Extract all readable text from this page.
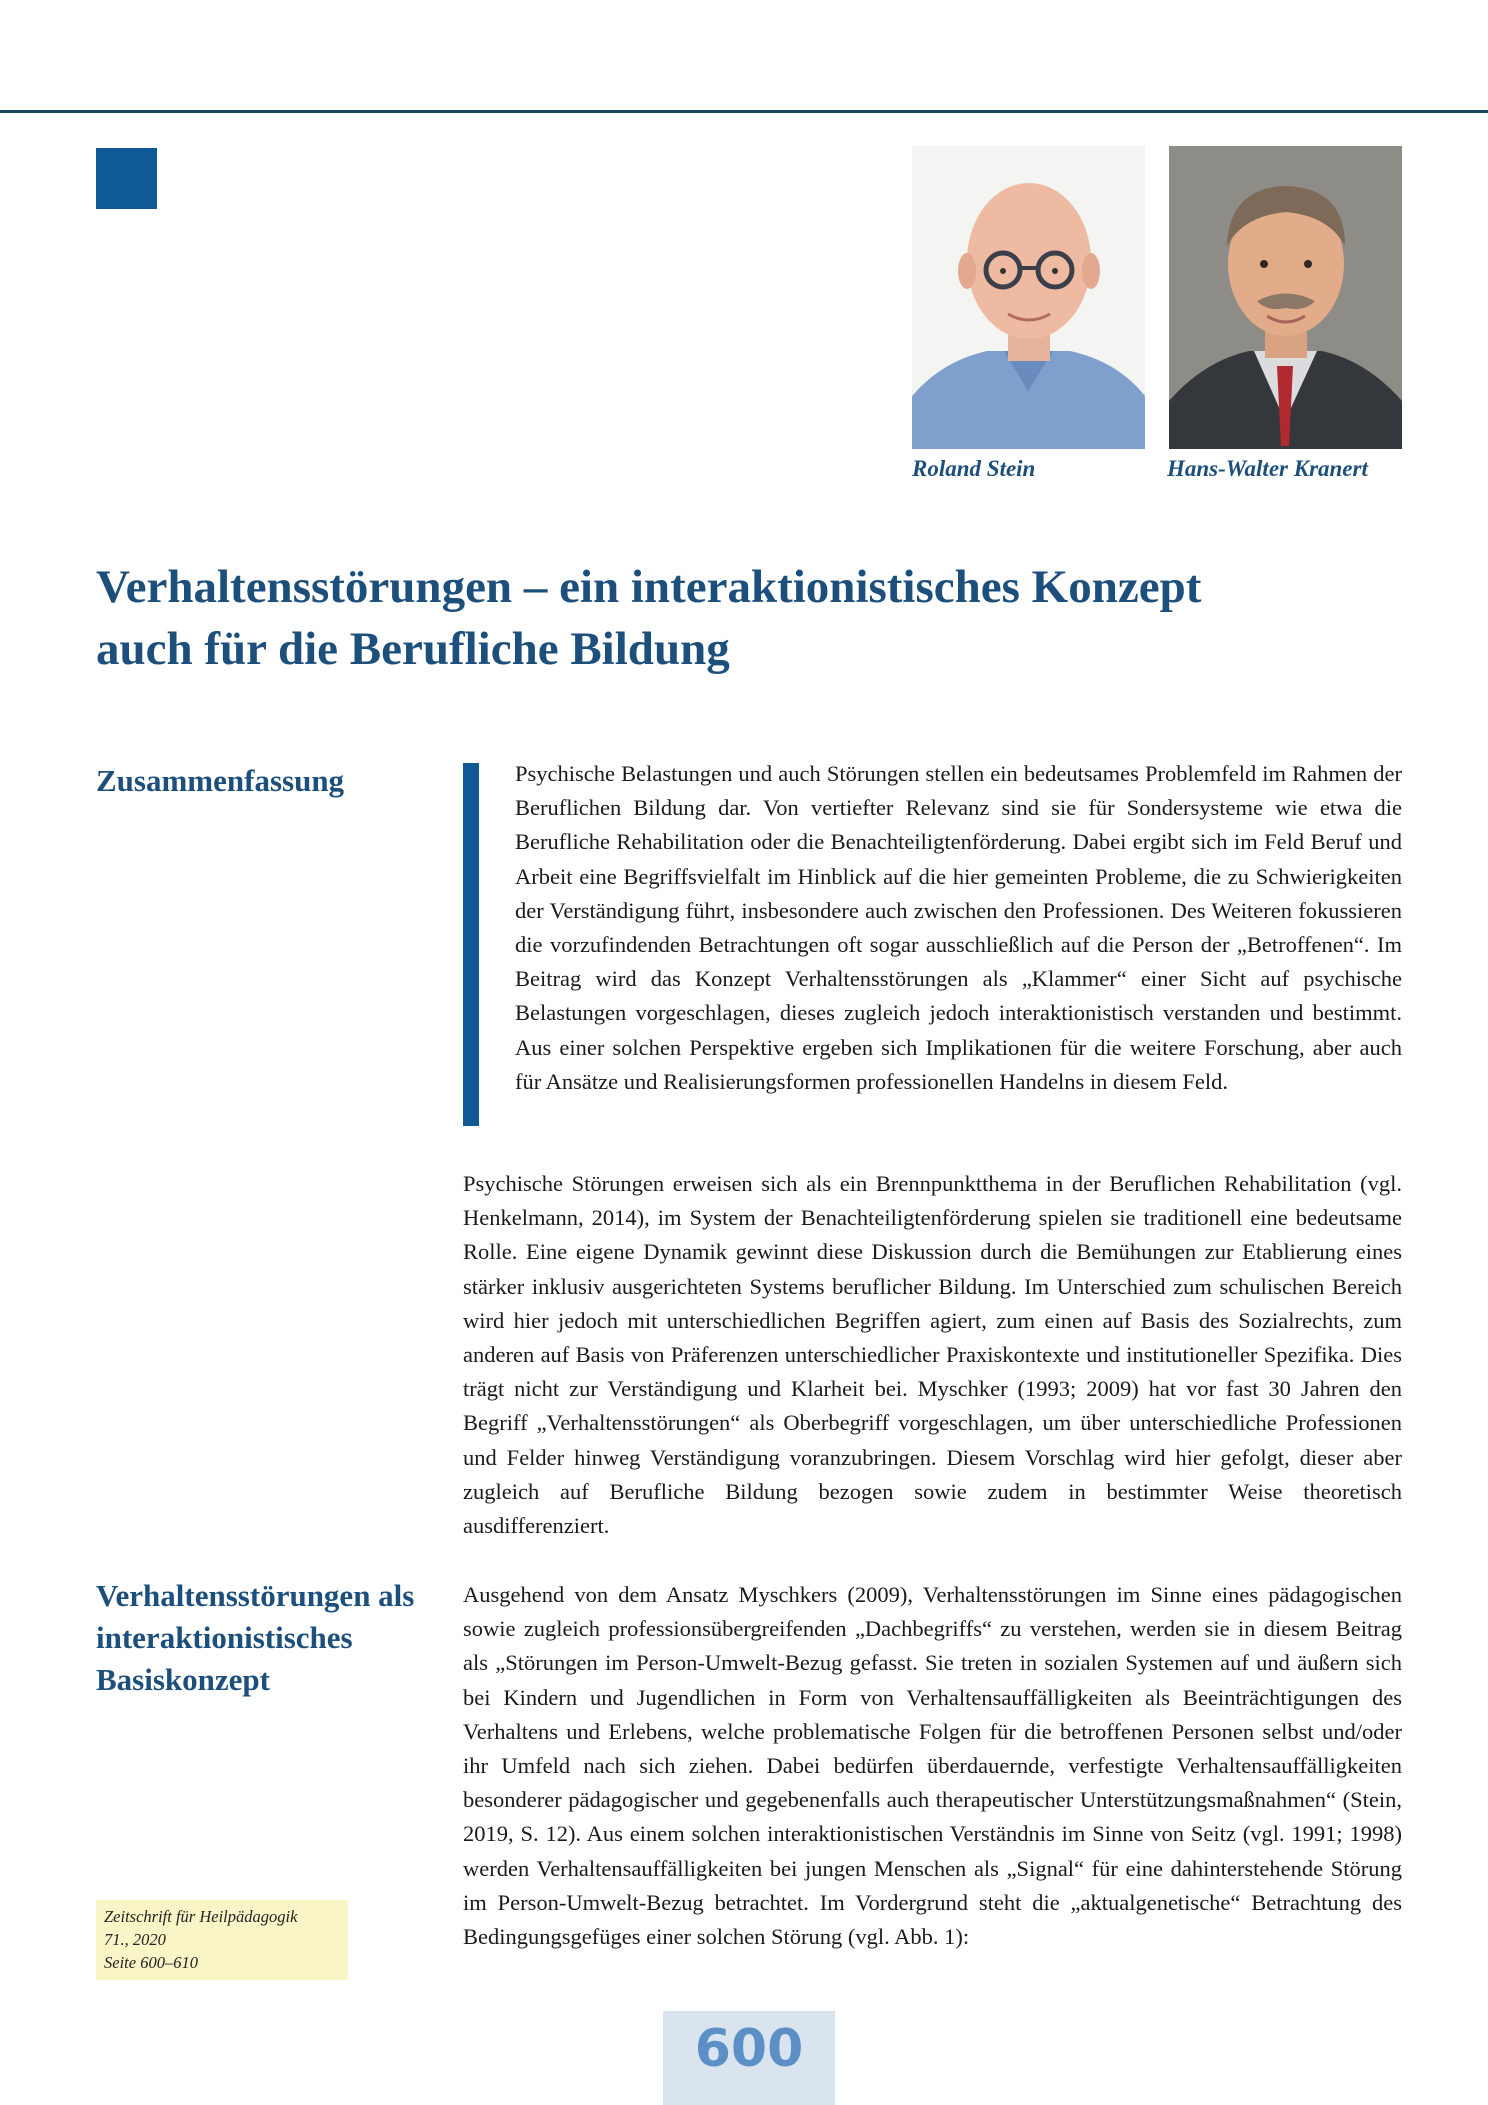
Roland Stein	Hans-Walter Kranert
Verhaltensstörungen – ein interaktionistisches Konzept
auch für die Berufliche Bildung
Zusammenfassung	Psychische Belastungen und auch Störungen stellen ein bedeutsames Problemfeld im Rahmen der Beruflichen Bildung dar. Von vertiefter Relevanz sind sie für Sondersysteme wie etwa die Berufliche Rehabilitation oder die Benachteiligtenförderung. Dabei ergibt sich im Feld Beruf und Arbeit eine Begriffsvielfalt im Hinblick auf die hier gemeinten Probleme, die zu Schwierigkeiten der Verständigung führt, insbesondere auch zwischen den Professionen. Des Weiteren fokussieren die vorzufindenden Betrachtungen oft sogar ausschließlich auf die Person der „Betroffenen“. Im Beitrag wird das Konzept Verhaltensstörungen als „Klammer“ einer Sicht auf psychische Belastungen vorgeschlagen, dieses zugleich jedoch interaktionistisch verstanden und bestimmt. Aus einer solchen Perspektive ergeben sich Implikationen für die weitere Forschung, aber auch für Ansätze und Realisierungsformen professionellen Handelns in diesem Feld.

Psychische Störungen erweisen sich als ein Brennpunktthema in der Beruflichen Rehabilitation (vgl. Henkelmann, 2014), im System der Benachteiligtenförderung spielen sie traditionell eine bedeutsame Rolle. Eine eigene Dynamik gewinnt diese Diskussion durch die Bemühungen zur Etablierung eines stärker inklusiv ausgerichteten Systems beruflicher Bildung. Im Unterschied zum schulischen Bereich wird hier jedoch mit unterschiedlichen Begriffen agiert, zum einen auf Basis des Sozialrechts, zum anderen auf Basis von Präferenzen unterschiedlicher Praxiskontexte und institutioneller Spezifika. Dies trägt nicht zur Verständigung und Klarheit bei. Myschker (1993; 2009) hat vor fast 30 Jahren den Begriff „Verhaltensstörungen“ als Oberbegriff vorgeschlagen, um über unterschiedliche Professionen und Felder hinweg Verständigung voranzubringen. Diesem Vorschlag wird hier gefolgt, dieser aber zugleich auf Berufliche Bildung bezogen sowie zudem in bestimmter Weise theoretisch ausdifferenziert.

Verhaltensstörungen als interaktionistisches Basiskonzept

Ausgehend von dem Ansatz Myschkers (2009), Verhaltensstörungen im Sinne eines pädagogischen sowie zugleich professionsübergreifenden „Dachbegriffs“ zu verstehen, werden sie in diesem Beitrag als „Störungen im Person-Umwelt-Bezug gefasst. Sie treten in sozialen Systemen auf und äußern sich bei Kindern und Jugendlichen in Form von Verhaltensauffälligkeiten als Beeinträchtigungen des Verhaltens und Erlebens, welche problematische Folgen für die betroffenen Personen selbst und/oder ihr Umfeld nach sich ziehen. Dabei bedürfen überdauernde, verfestigte Verhaltensauffälligkeiten besonderer pädagogischer und gegebenenfalls auch therapeutischer Unterstützungsmaßnahmen“ (Stein, 2019, S. 12). Aus einem solchen interaktionistischen Verständnis im Sinne von Seitz (vgl. 1991; 1998) werden Verhaltensauffälligkeiten bei jungen Menschen als „Signal“ für eine dahinterstehende Störung im Person-Umwelt-Bezug betrachtet. Im Vordergrund steht die „aktualgenetische“ Betrachtung des Bedingungsgefüges einer solchen Störung (vgl. Abb. 1):

Zeitschrift für Heilpädagogik
71., 2020
Seite 600–610
600
